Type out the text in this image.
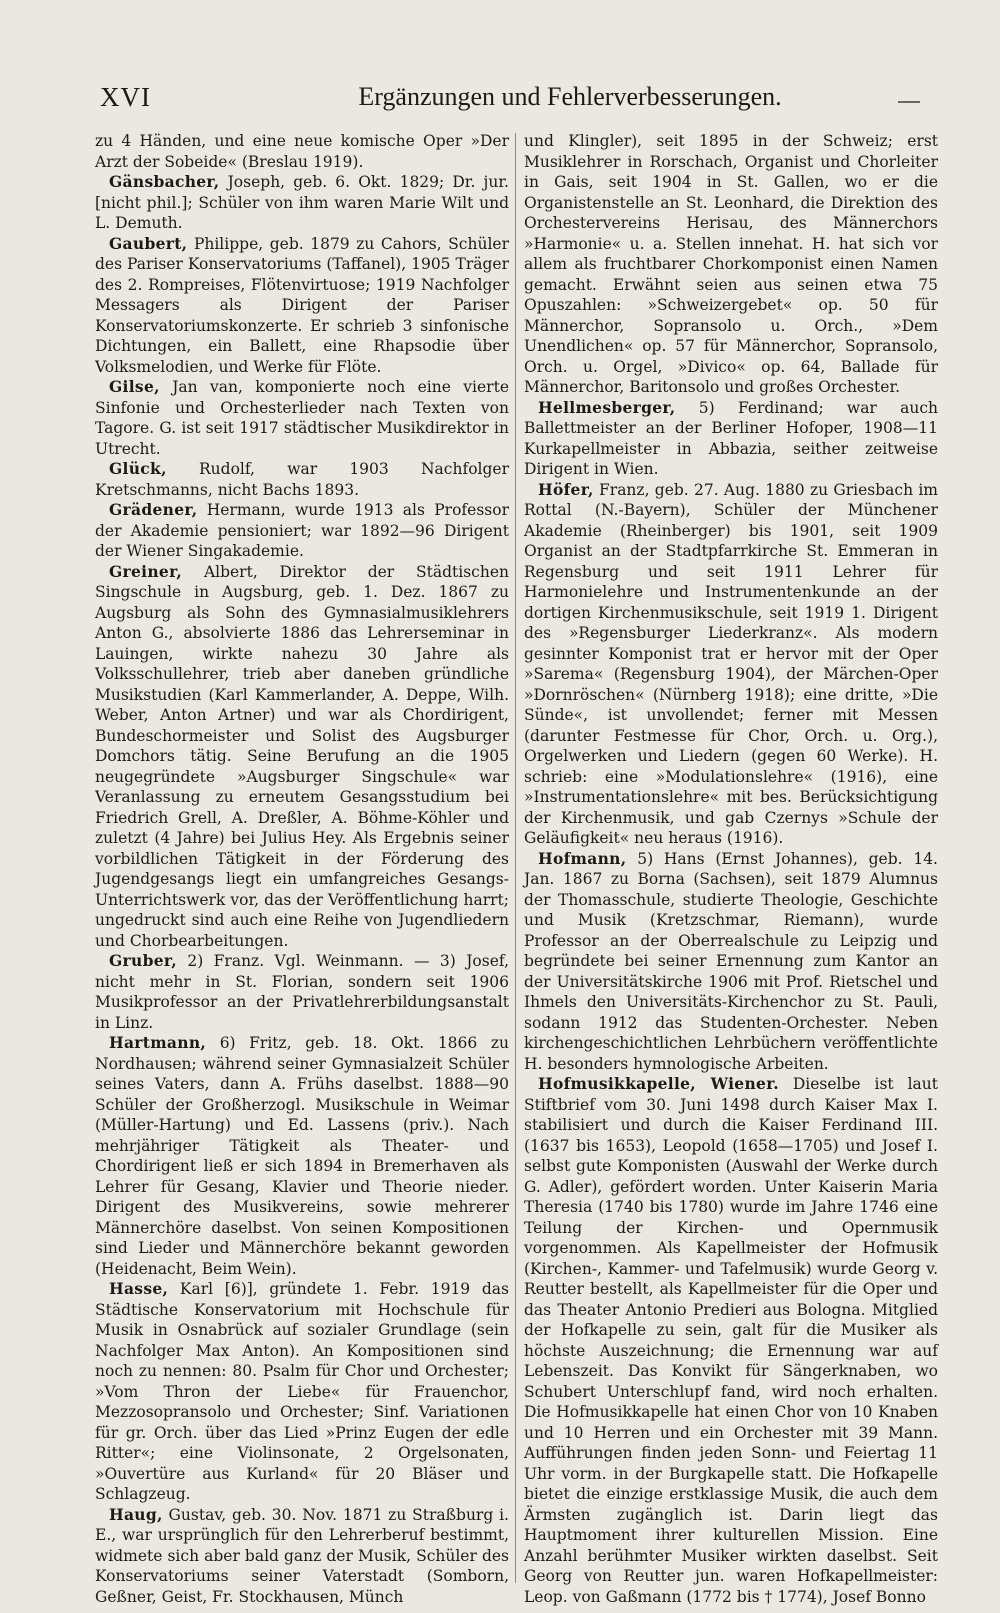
XVI	Ergänzungen und Fehlerverbesserungen.

zu 4 Händen, und eine neue komische Oper »Der Arzt der Sobeide« (Breslau 1919).

Gänsbacher, Joseph, geb. 6. Okt. 1829; Dr. jur. [nicht phil.]; Schüler von ihm waren Marie Wilt und L. Demuth.

Gaubert, Philippe, geb. 1879 zu Cahors, Schüler des Pariser Konservatoriums (Taffanel), 1905 Träger des 2. Rompreises, Flötenvirtuose; 1919 Nachfolger Messagers als Dirigent der Pariser Konservatoriumskonzerte. Er schrieb 3 sinfonische Dichtungen, ein Ballett, eine Rhapsodie über Volksmelodien, und Werke für Flöte.

Gilse, Jan van, komponierte noch eine vierte Sinfonie und Orchesterlieder nach Texten von Tagore. G. ist seit 1917 städtischer Musikdirektor in Utrecht.

Glück, Rudolf, war 1903 Nachfolger Kretschmanns, nicht Bachs 1893.

Grädener, Hermann, wurde 1913 als Professor der Akademie pensioniert; war 1892—96 Dirigent der Wiener Singakademie.

Greiner, Albert, Direktor der Städtischen Singschule in Augsburg, geb. 1. Dez. 1867 zu Augsburg als Sohn des Gymnasialmusiklehrers Anton G., absolvierte 1886 das Lehrerseminar in Lauingen, wirkte nahezu 30 Jahre als Volksschullehrer, trieb aber daneben gründliche Musikstudien (Karl Kammerlander, A. Deppe, Wilh. Weber, Anton Artner) und war als Chordirigent, Bundeschormeister und Solist des Augsburger Domchors tätig. Seine Berufung an die 1905 neugegründete »Augsburger Singschule« war Veranlassung zu erneutem Gesangsstudium bei Friedrich Grell, A. Dreßler, A. Böhme-Köhler und zuletzt (4 Jahre) bei Julius Hey. Als Ergebnis seiner vorbildlichen Tätigkeit in der Förderung des Jugendgesangs liegt ein umfangreiches Gesangs-Unterrichtswerk vor, das der Veröffentlichung harrt; ungedruckt sind auch eine Reihe von Jugendliedern und Chorbearbeitungen.

Gruber, 2) Franz. Vgl. Weinmann. — 3) Josef, nicht mehr in St. Florian, sondern seit 1906 Musikprofessor an der Privatlehrerbildungsanstalt in Linz.

Hartmann, 6) Fritz, geb. 18. Okt. 1866 zu Nordhausen; während seiner Gymnasialzeit Schüler seines Vaters, dann A. Frühs daselbst. 1888—90 Schüler der Großherzogl. Musikschule in Weimar (Müller-Hartung) und Ed. Lassens (priv.). Nach mehrjähriger Tätigkeit als Theater- und Chordirigent ließ er sich 1894 in Bremerhaven als Lehrer für Gesang, Klavier und Theorie nieder. Dirigent des Musikvereins, sowie mehrerer Männerchöre daselbst. Von seinen Kompositionen sind Lieder und Männerchöre bekannt geworden (Heidenacht, Beim Wein).

Hasse, Karl [6)], gründete 1. Febr. 1919 das Städtische Konservatorium mit Hochschule für Musik in Osnabrück auf sozialer Grundlage (sein Nachfolger Max Anton). An Kompositionen sind noch zu nennen: 80. Psalm für Chor und Orchester; »Vom Thron der Liebe« für Frauenchor, Mezzosopransolo und Orchester; Sinf. Variationen für gr. Orch. über das Lied »Prinz Eugen der edle Ritter«; eine Violinsonate, 2 Orgelsonaten, »Ouvertüre aus Kurland« für 20 Bläser und Schlagzeug.

Haug, Gustav, geb. 30. Nov. 1871 zu Straßburg i. E., war ursprünglich für den Lehrerberuf bestimmt, widmete sich aber bald ganz der Musik, Schüler des Konservatoriums seiner Vaterstadt (Somborn, Geßner, Geist, Fr. Stockhausen, Münch

und Klingler), seit 1895 in der Schweiz; erst Musiklehrer in Rorschach, Organist und Chorleiter in Gais, seit 1904 in St. Gallen, wo er die Organistenstelle an St. Leonhard, die Direktion des Orchestervereins Herisau, des Männerchors »Harmonie« u. a. Stellen innehat. H. hat sich vor allem als fruchtbarer Chorkomponist einen Namen gemacht. Erwähnt seien aus seinen etwa 75 Opuszahlen: »Schweizergebet« op. 50 für Männerchor, Sopransolo u. Orch., »Dem Unendlichen« op. 57 für Männerchor, Sopransolo, Orch. u. Orgel, »Divico« op. 64, Ballade für Männerchor, Baritonsolo und großes Orchester.

Hellmesberger, 5) Ferdinand; war auch Ballettmeister an der Berliner Hofoper, 1908—11 Kurkapellmeister in Abbazia, seither zeitweise Dirigent in Wien.

Höfer, Franz, geb. 27. Aug. 1880 zu Griesbach im Rottal (N.-Bayern), Schüler der Münchener Akademie (Rheinberger) bis 1901, seit 1909 Organist an der Stadtpfarrkirche St. Emmeran in Regensburg und seit 1911 Lehrer für Harmonielehre und Instrumentenkunde an der dortigen Kirchenmusikschule, seit 1919 1. Dirigent des »Regensburger Liederkranz«. Als modern gesinnter Komponist trat er hervor mit der Oper »Sarema« (Regensburg 1904), der Märchen-Oper »Dornröschen« (Nürnberg 1918); eine dritte, »Die Sünde«, ist unvollendet; ferner mit Messen (darunter Festmesse für Chor, Orch. u. Org.), Orgelwerken und Liedern (gegen 60 Werke). H. schrieb: eine »Modulationslehre« (1916), eine »Instrumentationslehre« mit bes. Berücksichtigung der Kirchenmusik, und gab Czernys »Schule der Geläufigkeit« neu heraus (1916).

Hofmann, 5) Hans (Ernst Johannes), geb. 14. Jan. 1867 zu Borna (Sachsen), seit 1879 Alumnus der Thomasschule, studierte Theologie, Geschichte und Musik (Kretzschmar, Riemann), wurde Professor an der Oberrealschule zu Leipzig und begründete bei seiner Ernennung zum Kantor an der Universitätskirche 1906 mit Prof. Rietschel und Ihmels den Universitäts-Kirchenchor zu St. Pauli, sodann 1912 das Studenten-Orchester. Neben kirchengeschichtlichen Lehrbüchern veröffentlichte H. besonders hymnologische Arbeiten.

Hofmusikkapelle, Wiener. Dieselbe ist laut Stiftbrief vom 30. Juni 1498 durch Kaiser Max I. stabilisiert und durch die Kaiser Ferdinand III. (1637 bis 1653), Leopold (1658—1705) und Josef I. selbst gute Komponisten (Auswahl der Werke durch G. Adler), gefördert worden. Unter Kaiserin Maria Theresia (1740 bis 1780) wurde im Jahre 1746 eine Teilung der Kirchen- und Opernmusik vorgenommen. Als Kapellmeister der Hofmusik (Kirchen-, Kammer- und Tafelmusik) wurde Georg v. Reutter bestellt, als Kapellmeister für die Oper und das Theater Antonio Predieri aus Bologna. Mitglied der Hofkapelle zu sein, galt für die Musiker als höchste Auszeichnung; die Ernennung war auf Lebenszeit. Das Konvikt für Sängerknaben, wo Schubert Unterschlupf fand, wird noch erhalten. Die Hofmusikkapelle hat einen Chor von 10 Knaben und 10 Herren und ein Orchester mit 39 Mann. Aufführungen finden jeden Sonn- und Feiertag 11 Uhr vorm. in der Burgkapelle statt. Die Hofkapelle bietet die einzige erstklassige Musik, die auch dem Ärmsten zugänglich ist. Darin liegt das Hauptmoment ihrer kulturellen Mission. Eine Anzahl berühmter Musiker wirkten daselbst. Seit Georg von Reutter jun. waren Hofkapellmeister: Leop. von Gaßmann (1772 bis † 1774), Josef Bonno
